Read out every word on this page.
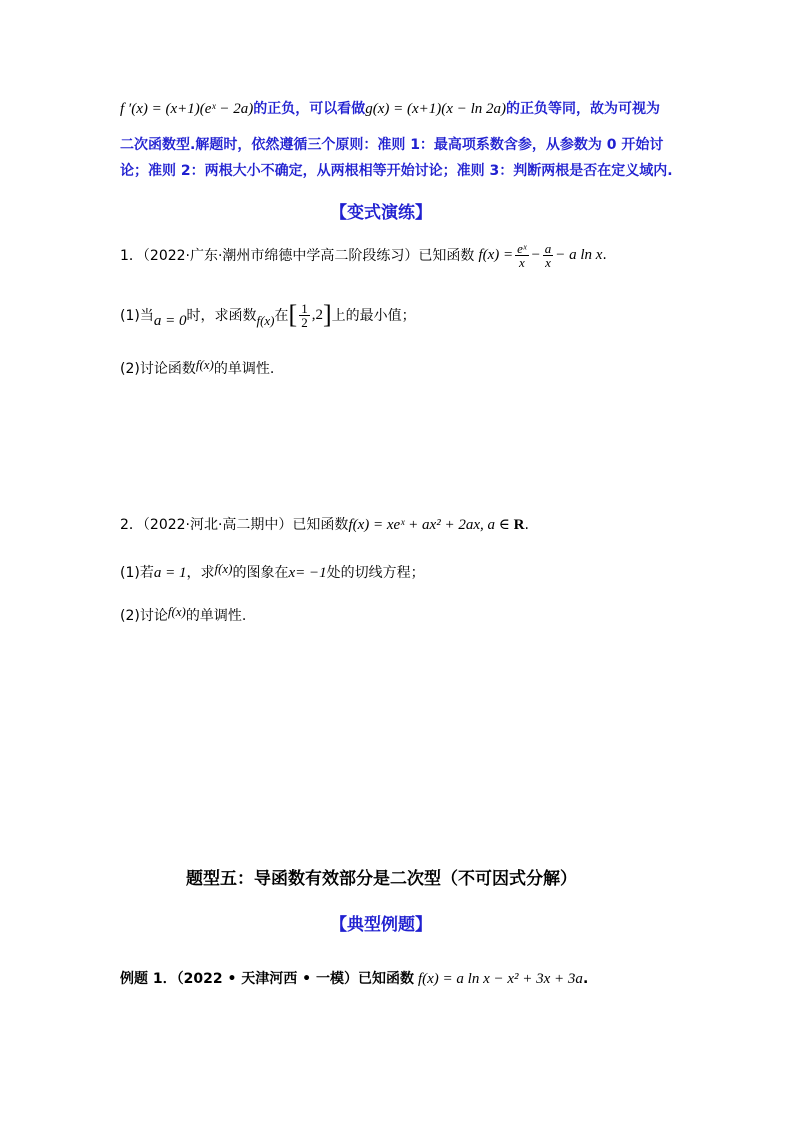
f ′(x) = (x+1)(eˣ − 2a)的正负，可以看做g(x) = (x+1)(x − ln 2a)的正负等同，故为可视为
二次函数型.解题时，依然遵循三个原则：准则 1：最高项系数含参，从参数为 0 开始讨
论；准则 2：两根大小不确定，从两根相等开始讨论；准则 3：判断两根是否在定义域内.
【变式演练】
1．（2022·广东·潮州市绵德中学高二阶段练习）已知函数 $f(x) = \frac{\text{eˣ}}{x} - \frac{a}{x} - a$ ln x .
(1)当 a = 0 时，求函数 f(x) 在 [ $\frac{1}{2} ,2$ ] 上的最小值；
(2)讨论函数f(x)的单调性.
2．（2022·河北·高二期中）已知函数f(x) = xeˣ + ax² + 2ax, a ∈ R.
(1)若a = 1，求f(x)的图象在x= −1处的切线方程；
(2)讨论f(x)的单调性.
题型五：导函数有效部分是二次型（不可因式分解）
【典型例题】
例题 1．（2022 • 天津河西 • 一模）已知函数 f(x) = a ln x − x² + 3x + 3a.
